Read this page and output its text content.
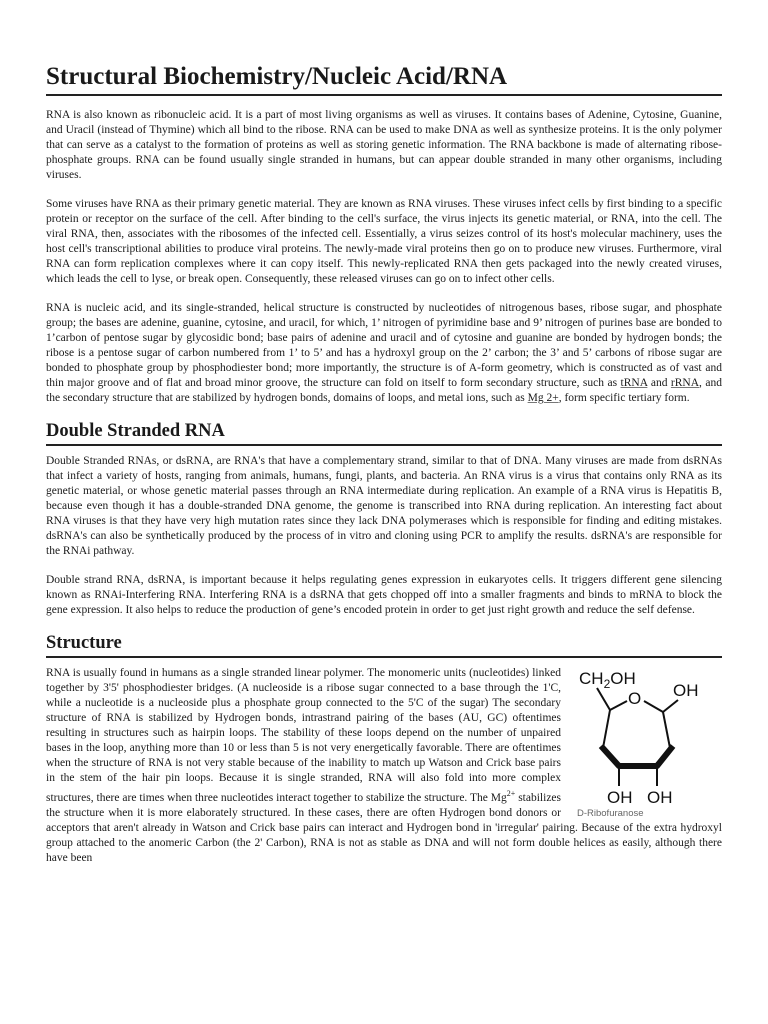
Structural Biochemistry/Nucleic Acid/RNA

RNA is also known as ribonucleic acid. It is a part of most living organisms as well as viruses. It contains bases of Adenine, Cytosine, Guanine, and Uracil (instead of Thymine) which all bind to the ribose. RNA can be used to make DNA as well as synthesize proteins. It is the only polymer that can serve as a catalyst to the formation of proteins as well as storing genetic information. The RNA backbone is made of alternating ribose-phosphate groups. RNA can be found usually single stranded in humans, but can appear double stranded in many other organisms, including viruses.

Some viruses have RNA as their primary genetic material. They are known as RNA viruses. These viruses infect cells by first binding to a specific protein or receptor on the surface of the cell. After binding to the cell's surface, the virus injects its genetic material, or RNA, into the cell. The viral RNA, then, associates with the ribosomes of the infected cell. Essentially, a virus seizes control of its host's molecular machinery, uses the host cell's transcriptional abilities to produce viral proteins. The newly-made viral proteins then go on to produce new viruses. Furthermore, viral RNA can form replication complexes where it can copy itself. This newly-replicated RNA then gets packaged into the newly created viruses, which leads the cell to lyse, or break open. Consequently, these released viruses can go on to infect other cells.

RNA is nucleic acid, and its single-stranded, helical structure is constructed by nucleotides of nitrogenous bases, ribose sugar, and phosphate group; the bases are adenine, guanine, cytosine, and uracil, for which, 1’ nitrogen of pyrimidine base and 9’ nitrogen of purines base are bonded to 1’carbon of pentose sugar by glycosidic bond; base pairs of adenine and uracil and of cytosine and guanine are bonded by hydrogen bonds; the ribose is a pentose sugar of carbon numbered from 1’ to 5’ and has a hydroxyl group on the 2’ carbon; the 3’ and 5’ carbons of ribose sugar are bonded to phosphate group by phosphodiester bond; more importantly, the structure is of A-form geometry, which is constructed as of vast and thin major groove and of flat and broad minor groove, the structure can fold on itself to form secondary structure, such as tRNA and rRNA, and the secondary structure that are stabilized by hydrogen bonds, domains of loops, and metal ions, such as Mg 2+, form specific tertiary form.

Double Stranded RNA

Double Stranded RNAs, or dsRNA, are RNA's that have a complementary strand, similar to that of DNA. Many viruses are made from dsRNAs that infect a variety of hosts, ranging from animals, humans, fungi, plants, and bacteria. An RNA virus is a virus that contains only RNA as its genetic material, or whose genetic material passes through an RNA intermediate during replication. An example of a RNA virus is Hepatitis B, because even though it has a double-stranded DNA genome, the genome is transcribed into RNA during replication. An interesting fact about RNA viruses is that they have very high mutation rates since they lack DNA polymerases which is responsible for finding and editing mistakes. dsRNA's can also be synthetically produced by the process of in vitro and cloning using PCR to amplify the results. dsRNA's are responsible for the RNAi pathway.

Double strand RNA, dsRNA, is important because it helps regulating genes expression in eukaryotes cells. It triggers different gene silencing known as RNAi-Interfering RNA. Interfering RNA is a dsRNA that gets chopped off into a smaller fragments and binds to mRNA to block the gene expression. It also helps to reduce the production of gene’s encoded protein in order to get just right growth and reduce the self defense.

Structure
$CH_2OH$
O OH
OH OH
D-Ribofuranose

RNA is usually found in humans as a single stranded linear polymer. The monomeric units (nucleotides) linked together by 3'5' phosphodiester bridges. (A nucleoside is a ribose sugar connected to a base through the 1'C, while a nucleotide is a nucleoside plus a phosphate group connected to the 5'C of the sugar) The secondary structure of RNA is stabilized by Hydrogen bonds, intrastrand pairing of the bases (AU, GC) oftentimes resulting in structures such as hairpin loops. The stability of these loops depend on the number of unpaired bases in the loop, anything more than 10 or less than 5 is not very energetically favorable. There are oftentimes when the structure of RNA is not very stable because of the inability to match up Watson and Crick base pairs in the stem of the hair pin loops. Because it is single stranded, RNA will also fold into more complex structures, there are times when three nucleotides interact together to stabilize the structure. The $Mg^{2+}$ stabilizes the structure when it is more elaborately structured. In these cases, there are often Hydrogen bond donors or acceptors that aren't already in Watson and Crick base pairs can interact and Hydrogen bond in 'irregular' pairing. Because of the extra hydroxyl group attached to the anomeric Carbon (the 2' Carbon), RNA is not as stable as DNA and will not form double helices as easily, although there have been
